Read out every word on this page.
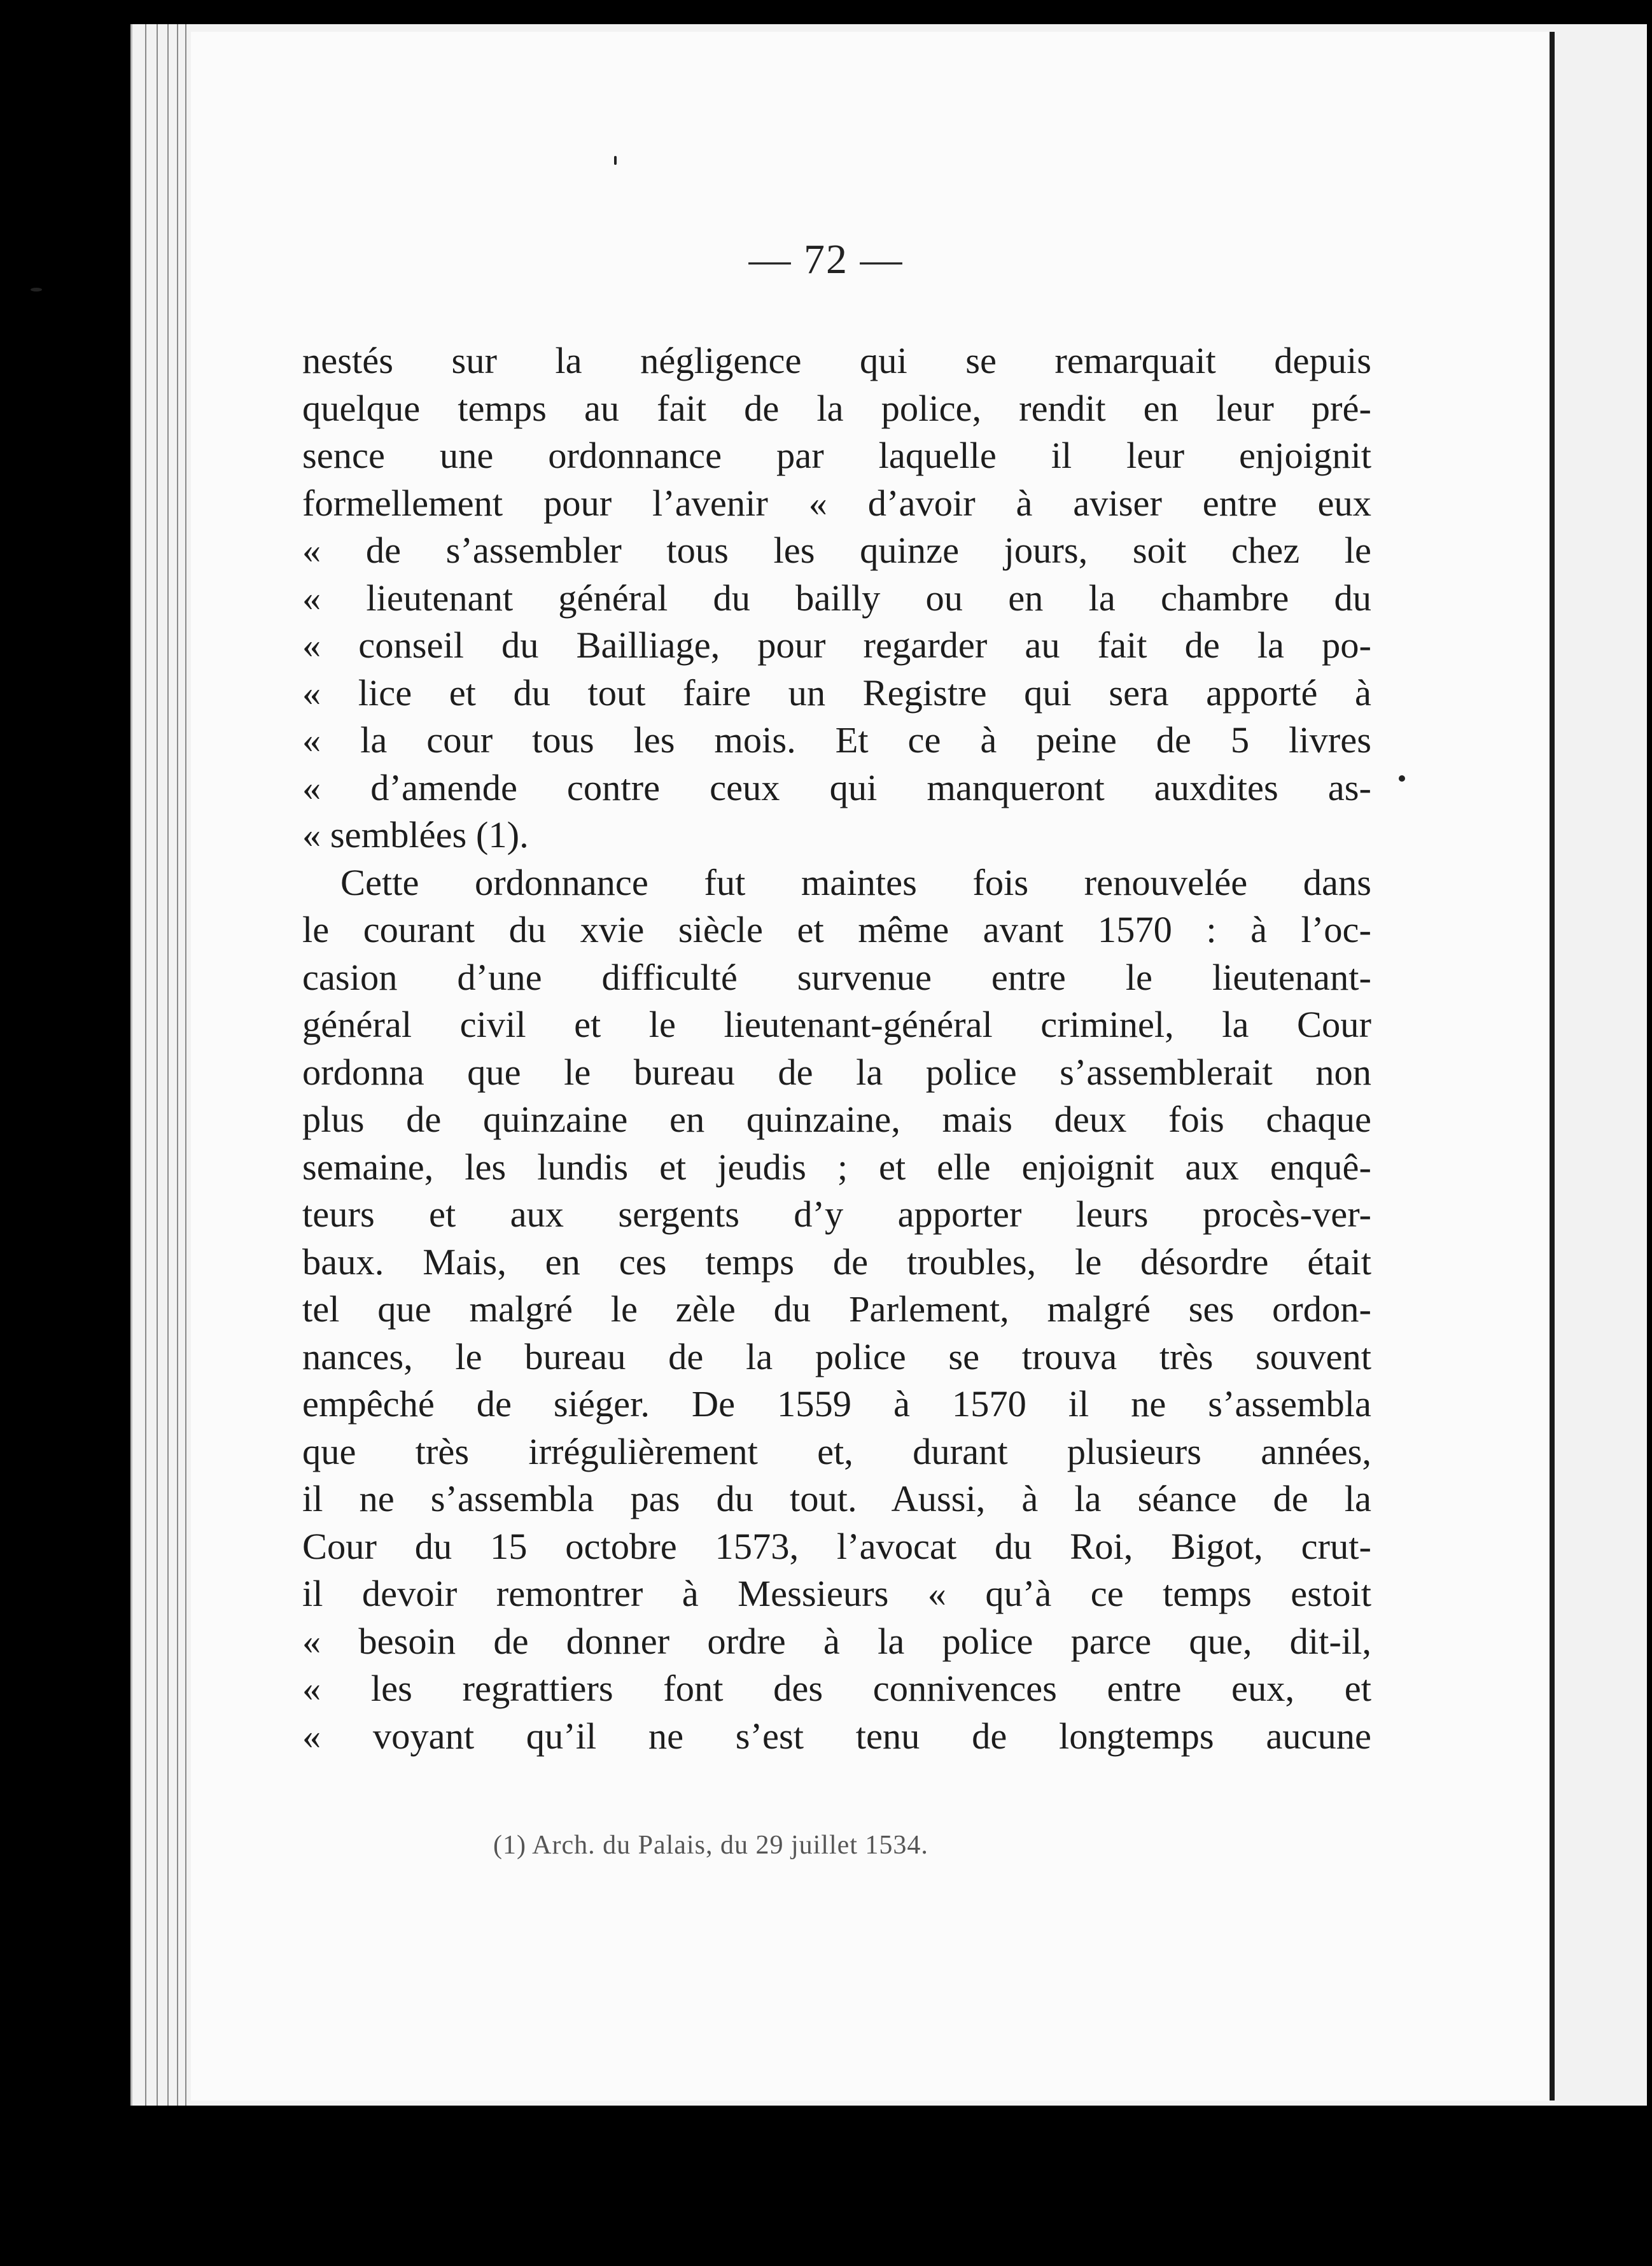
— 72 —
nestés sur la négligence qui se remarquait depuis
quelque temps au fait de la police, rendit en leur pré-
sence une ordonnance par laquelle il leur enjoignit
formellement pour l’avenir « d’avoir à aviser entre eux
« de s’assembler tous les quinze jours, soit chez le
« lieutenant général du bailly ou en la chambre du
« conseil du Bailliage, pour regarder au fait de la po-
« lice et du tout faire un Registre qui sera apporté à
« la cour tous les mois. Et ce à peine de 5 livres
« d’amende contre ceux qui manqueront auxdites as-
« semblées (1).
Cette ordonnance fut maintes fois renouvelée dans
le courant du xvie siècle et même avant 1570 : à l’oc-
casion d’une difficulté survenue entre le lieutenant-
général civil et le lieutenant-général criminel, la Cour
ordonna que le bureau de la police s’assemblerait non
plus de quinzaine en quinzaine, mais deux fois chaque
semaine, les lundis et jeudis ; et elle enjoignit aux enquê-
teurs et aux sergents d’y apporter leurs procès-ver-
baux. Mais, en ces temps de troubles, le désordre était
tel que malgré le zèle du Parlement, malgré ses ordon-
nances, le bureau de la police se trouva très souvent
empêché de siéger. De 1559 à 1570 il ne s’assembla
que très irrégulièrement et, durant plusieurs années,
il ne s’assembla pas du tout. Aussi, à la séance de la
Cour du 15 octobre 1573, l’avocat du Roi, Bigot, crut-
il devoir remontrer à Messieurs « qu’à ce temps estoit
« besoin de donner ordre à la police parce que, dit-il,
« les regrattiers font des connivences entre eux, et
« voyant qu’il ne s’est tenu de longtemps aucune
(1) Arch. du Palais, du 29 juillet 1534.
